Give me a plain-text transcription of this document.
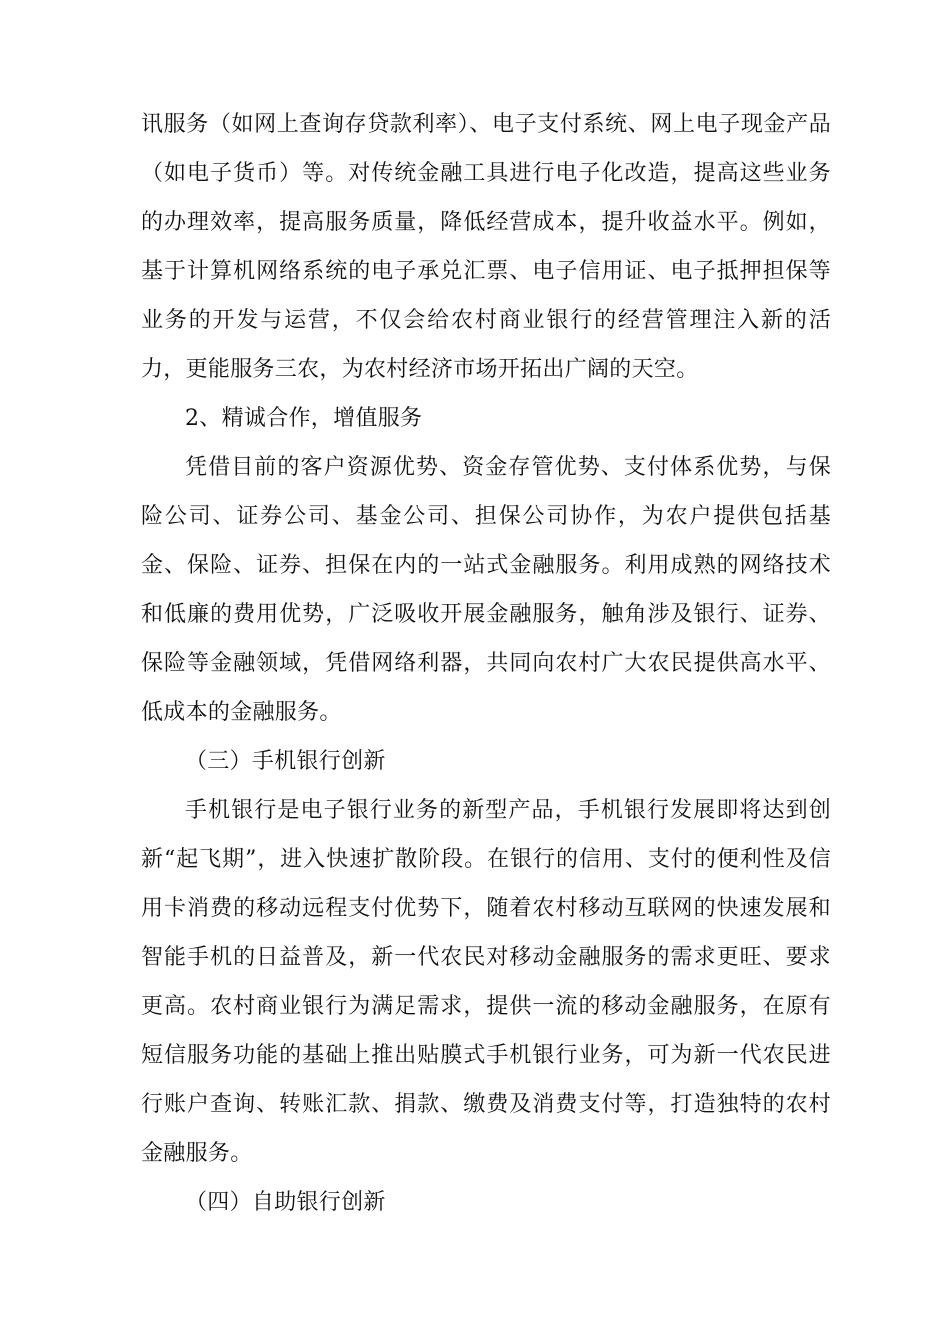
讯服务（如网上查询存贷款利率）、电子支付系统、网上电子现金产品（如电子货币）等。对传统金融工具进行电子化改造，提高这些业务的办理效率，提高服务质量，降低经营成本，提升收益水平。例如，基于计算机网络系统的电子承兑汇票、电子信用证、电子抵押担保等业务的开发与运营，不仅会给农村商业银行的经营管理注入新的活力，更能服务三农，为农村经济市场开拓出广阔的天空。

2、精诚合作，增值服务

凭借目前的客户资源优势、资金存管优势、支付体系优势，与保险公司、证券公司、基金公司、担保公司协作，为农户提供包括基金、保险、证券、担保在内的一站式金融服务。利用成熟的网络技术和低廉的费用优势，广泛吸收开展金融服务，触角涉及银行、证券、保险等金融领域，凭借网络利器，共同向农村广大农民提供高水平、低成本的金融服务。

（三）手机银行创新

手机银行是电子银行业务的新型产品，手机银行发展即将达到创新“起飞期”，进入快速扩散阶段。在银行的信用、支付的便利性及信用卡消费的移动远程支付优势下，随着农村移动互联网的快速发展和智能手机的日益普及，新一代农民对移动金融服务的需求更旺、要求更高。农村商业银行为满足需求，提供一流的移动金融服务，在原有短信服务功能的基础上推出贴膜式手机银行业务，可为新一代农民进行账户查询、转账汇款、捐款、缴费及消费支付等，打造独特的农村金融服务。

（四）自助银行创新
